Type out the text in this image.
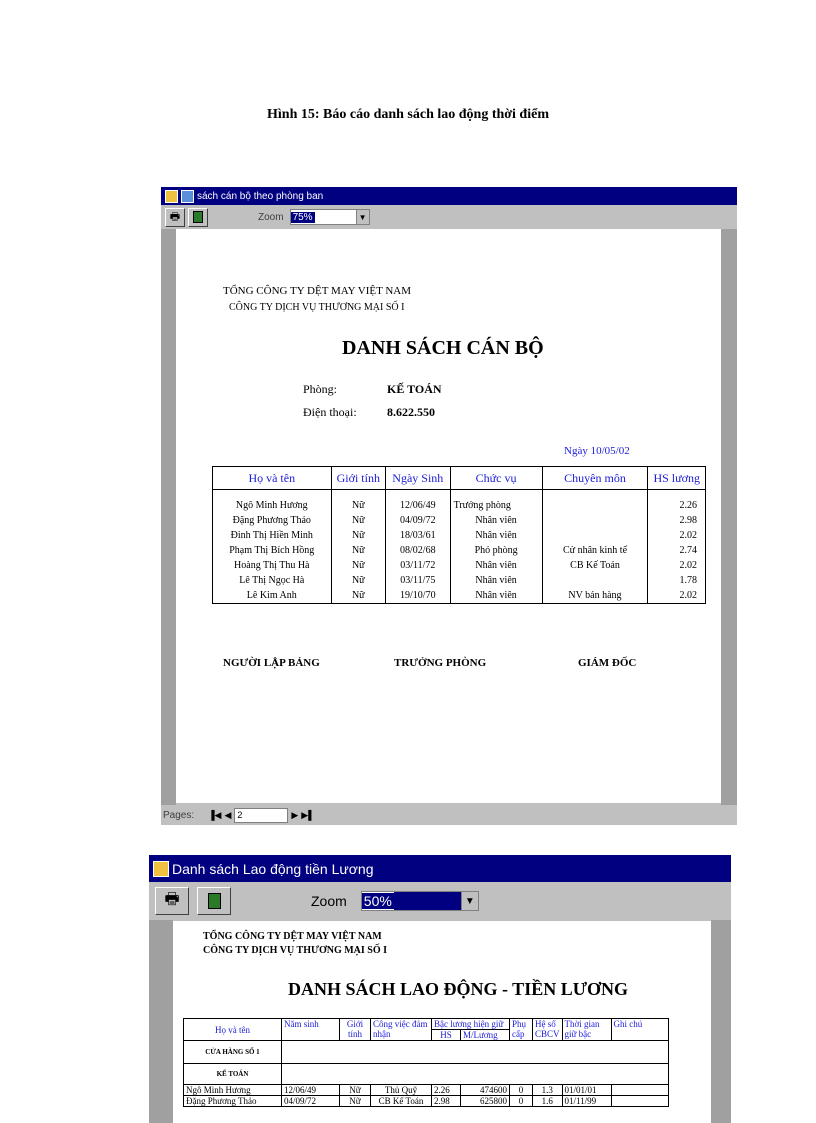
Hình 15: Báo cáo danh sách lao động thời điểm
sách cán bộ theo phòng ban
🖶	Zoom 75%	▼
TỔNG CÔNG TY DỆT MAY VIỆT NAM
CÔNG TY DỊCH VỤ THƯƠNG MẠI SỐ I
DANH SÁCH CÁN BỘ
Phòng:	KẾ TOÁN
Điện thoại:	8.622.550
Ngày 10/05/02
Họ và tên	Giới tính	Ngày Sinh	Chức vụ	Chuyên môn	HS lương

Ngô Minh Hương	Nữ	12/06/49	Trưởng phòng		2.26
Đặng Phương Thảo	Nữ	04/09/72	Nhân viên		2.98
Đinh Thị Hiền Minh	Nữ	18/03/61	Nhân viên		2.02
Phạm Thị Bích Hồng	Nữ	08/02/68	Phó phòng	Cử nhân kinh tế	2.74
Hoàng Thị Thu Hà	Nữ	03/11/72	Nhân viên	CB Kế Toán	2.02
Lê Thị Ngọc Hà	Nữ	03/11/75	Nhân viên		1.78
Lê Kim Anh	Nữ	19/10/70	Nhân viên	NV bán hàng	2.02
NGƯỜI LẬP BẢNG	TRƯỞNG PHÒNG	GIÁM ĐỐC
Pages: ▐◀ ◀ 2	▶ ▶▌
Danh sách Lao động tiền Lương
🖶	Zoom 50%	▼
TỔNG CÔNG TY DỆT MAY VIỆT NAM
CÔNG TY DỊCH VỤ THƯƠNG MẠI SỐ I
DANH SÁCH LAO ĐỘNG - TIỀN LƯƠNG
Họ và tên	Năm sinh	Giới tính	Công việc đảm nhận	Bậc lương hiện giữ		Phụ cấp	Hệ số CBCV	Thời gian giữ bậc	Ghi chú
				HS	M/Lương				
CỬA HÀNG SỐ 1									
KẾ TOÁN									
Ngô Minh Hương	12/06/49	Nữ	Thủ Quỹ	2.26	474600	0	1.3	01/01/01	
Đặng Phương Thảo	04/09/72	Nữ	CB Kế Toán	2.98	625800	0	1.6	01/11/99	
